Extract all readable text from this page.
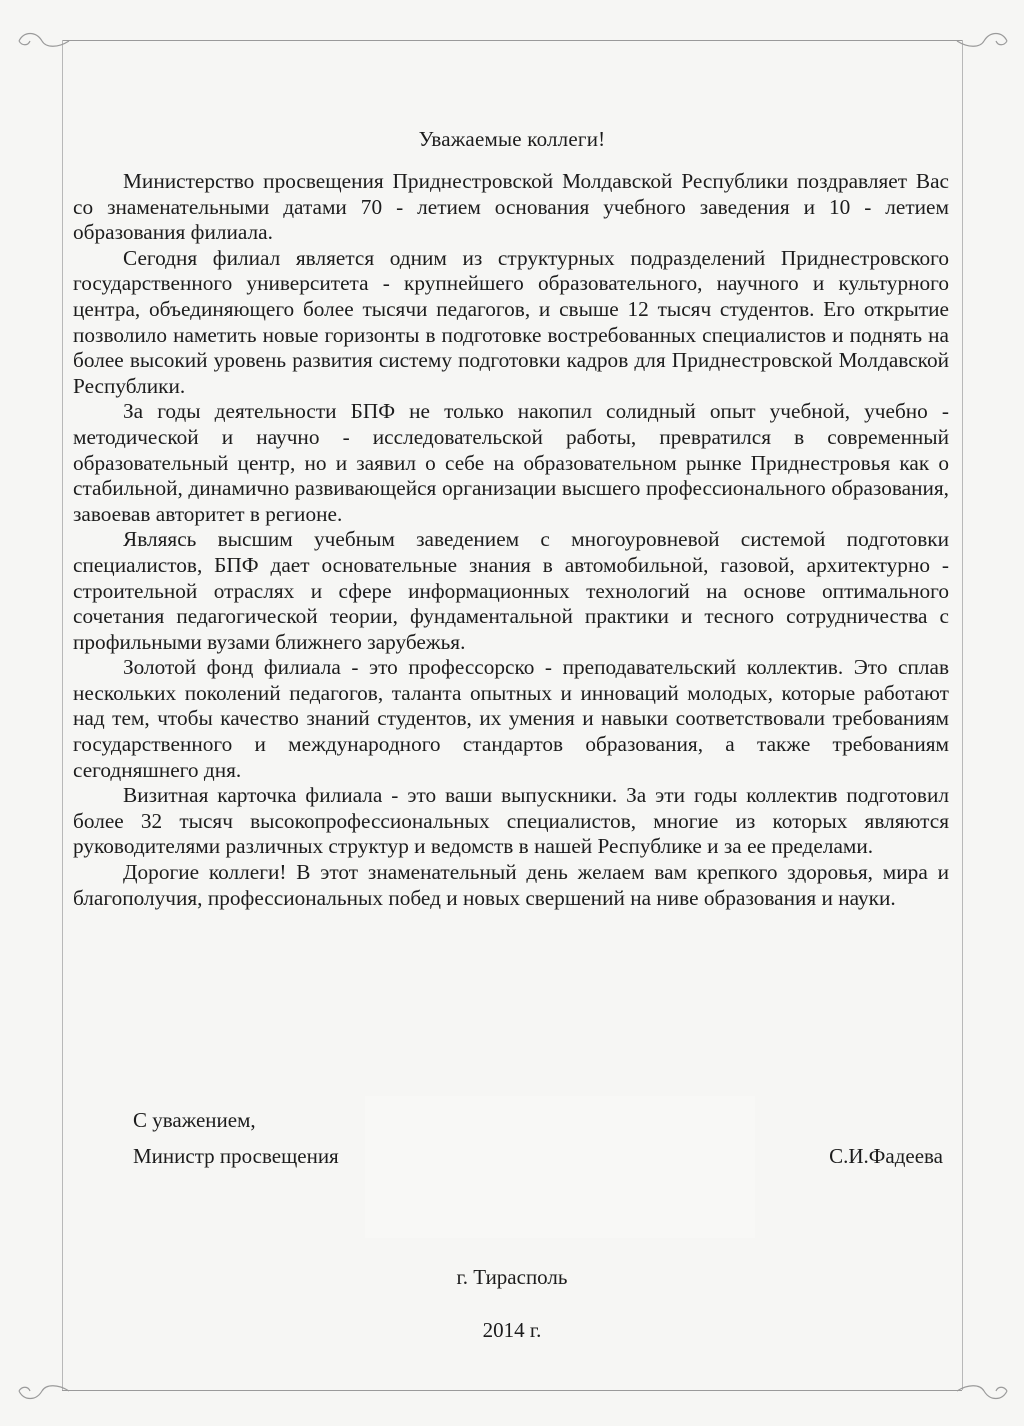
Уважаемые коллеги!

Министерство просвещения Приднестровской Молдавской Республики поздравляет Вас со знаменательными датами 70 - летием основания учебного заведения и 10 - летием образования филиала.

Сегодня филиал является одним из структурных подразделений Приднестровского государственного университета - крупнейшего образовательного, научного и культурного центра, объединяющего более тысячи педагогов, и свыше 12 тысяч студентов. Его открытие позволило наметить новые горизонты в подготовке востребованных специалистов и поднять на более высокий уровень развития систему подготовки кадров для Приднестровской Молдавской Республики.

За годы деятельности БПФ не только накопил солидный опыт учебной, учебно - методической и научно - исследовательской работы, превратился в современный образовательный центр, но и заявил о себе на образовательном рынке Приднестровья как о стабильной, динамично развивающейся организации высшего профессионального образования, завоевав авторитет в регионе.

Являясь высшим учебным заведением с многоуровневой системой подготовки специалистов, БПФ дает основательные знания в автомобильной, газовой, архитектурно - строительной отраслях и сфере информационных технологий на основе оптимального сочетания педагогической теории, фундаментальной практики и тесного сотрудничества с профильными вузами ближнего зарубежья.

Золотой фонд филиала - это профессорско - преподавательский коллектив. Это сплав нескольких поколений педагогов, таланта опытных и инноваций молодых, которые работают над тем, чтобы качество знаний студентов, их умения и навыки соответствовали требованиям государственного и международного стандартов образования, а также требованиям сегодняшнего дня.

Визитная карточка филиала - это ваши выпускники. За эти годы коллектив подготовил более 32 тысяч высокопрофессиональных специалистов, многие из которых являются руководителями различных структур и ведомств в нашей Республике и за ее пределами.

Дорогие коллеги! В этот знаменательный день желаем вам крепкого здоровья, мира и благополучия, профессиональных побед и новых свершений на ниве образования и науки.

С уважением,
Министр просвещения	С.И.Фадеева
г. Тирасполь
2014 г.
